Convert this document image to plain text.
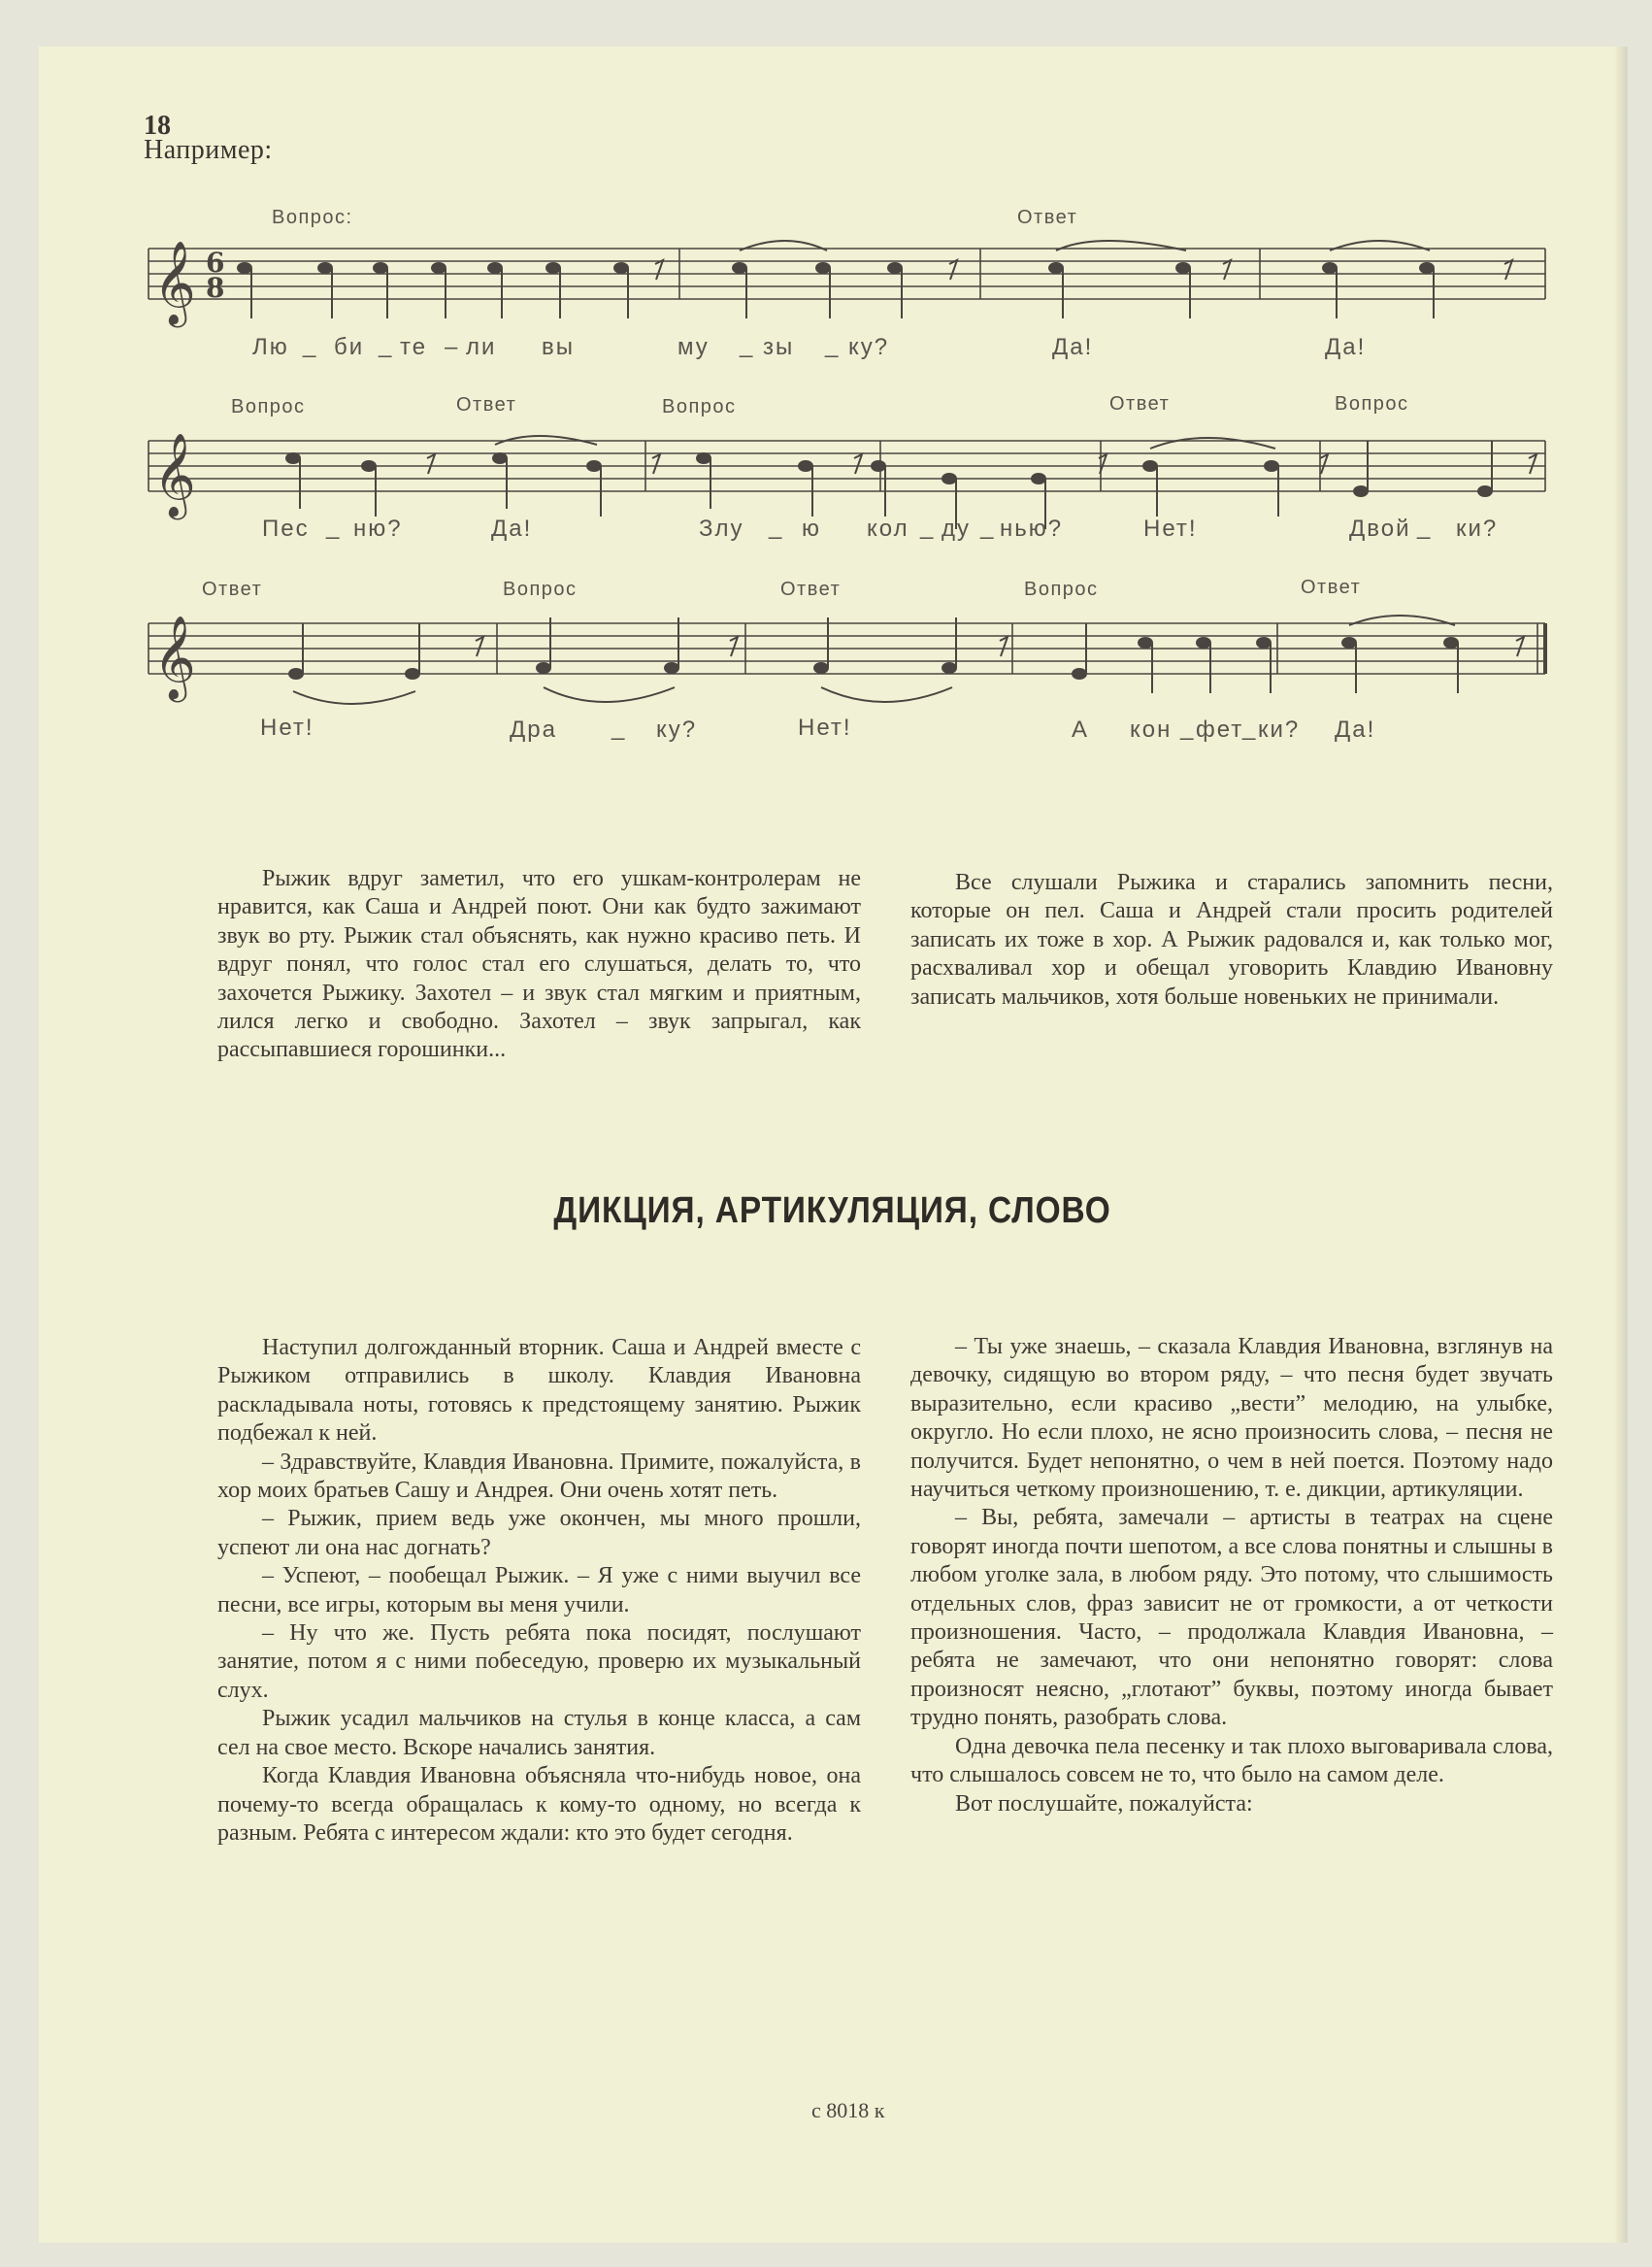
18
Например:
𝄞
𝄞
𝄞
6
8
Вопрос:	Ответ
Вопрос	Ответ	Вопрос	Ответ	Вопрос
Ответ	Вопрос	Ответ	Вопрос	Ответ
Лю _ би _ те – ли вы	му _ зы _ ку?	Да!	Да!
Пес _ ню?	Да!	Злу _ ю кол _ ду _ нью?	Нет!	Двой _ ки?
Нет!	Дра _ ку?	Нет!	А кон _ фет
_ ки? Да!

Рыжик вдруг заметил, что его ушкам-контролерам не нравится, как Саша и Андрей поют. Они как будто зажимают звук во рту. Рыжик стал объяснять, как нужно красиво петь. И вдруг понял, что голос стал его слушаться, делать то, что захочется Рыжику. Захотел – и звук стал мягким и приятным, лился легко и свободно. Захотел – звук запрыгал, как рассыпавшиеся горошинки...

Все слушали Рыжика и старались запомнить песни, которые он пел. Саша и Андрей стали просить родителей записать их тоже в хор. А Рыжик радовался и, как только мог, расхваливал хор и обещал уговорить Клавдию Ивановну записать мальчиков, хотя больше новеньких не принимали.

ДИКЦИЯ, АРТИКУЛЯЦИЯ, СЛОВО

Наступил долгожданный вторник. Саша и Андрей вместе с Рыжиком отправились в школу. Клавдия Ивановна раскладывала ноты, готовясь к предстоящему занятию. Рыжик подбежал к ней.

– Здравствуйте, Клавдия Ивановна. Примите, пожалуйста, в хор моих братьев Сашу и Андрея. Они очень хотят петь.

– Рыжик, прием ведь уже окончен, мы много прошли, успеют ли она нас догнать?

– Успеют, – пообещал Рыжик. – Я уже с ними выучил все песни, все игры, которым вы меня учили.

– Ну что же. Пусть ребята пока посидят, послушают занятие, потом я с ними побеседую, проверю их музыкальный слух.

Рыжик усадил мальчиков на стулья в конце класса, а сам сел на свое место. Вскоре начались занятия.

Когда Клавдия Ивановна объясняла что-нибудь новое, она почему-то всегда обращалась к кому-то одному, но всегда к разным. Ребята с интересом ждали: кто это будет сегодня.

– Ты уже знаешь, – сказала Клавдия Ивановна, взглянув на девочку, сидящую во втором ряду, – что песня будет звучать выразительно, если красиво „вести” мелодию, на улыбке, округло. Но если плохо, не ясно произносить слова, – песня не получится. Будет непонятно, о чем в ней поется. Поэтому надо научиться четкому произношению, т. е. дикции, артикуляции.

– Вы, ребята, замечали – артисты в театрах на сцене говорят иногда почти шепотом, а все слова понятны и слышны в любом уголке зала, в любом ряду. Это потому, что слышимость отдельных слов, фраз зависит не от громкости, а от четкости произношения. Часто, – продолжала Клавдия Ивановна, – ребята не замечают, что они непонятно говорят: слова произносят неясно, „глотают” буквы, поэтому иногда бывает трудно понять, разобрать слова.

Одна девочка пела песенку и так плохо выговаривала слова, что слышалось совсем не то, что было на самом деле.

Вот послушайте, пожалуйста:

с 8018 к
